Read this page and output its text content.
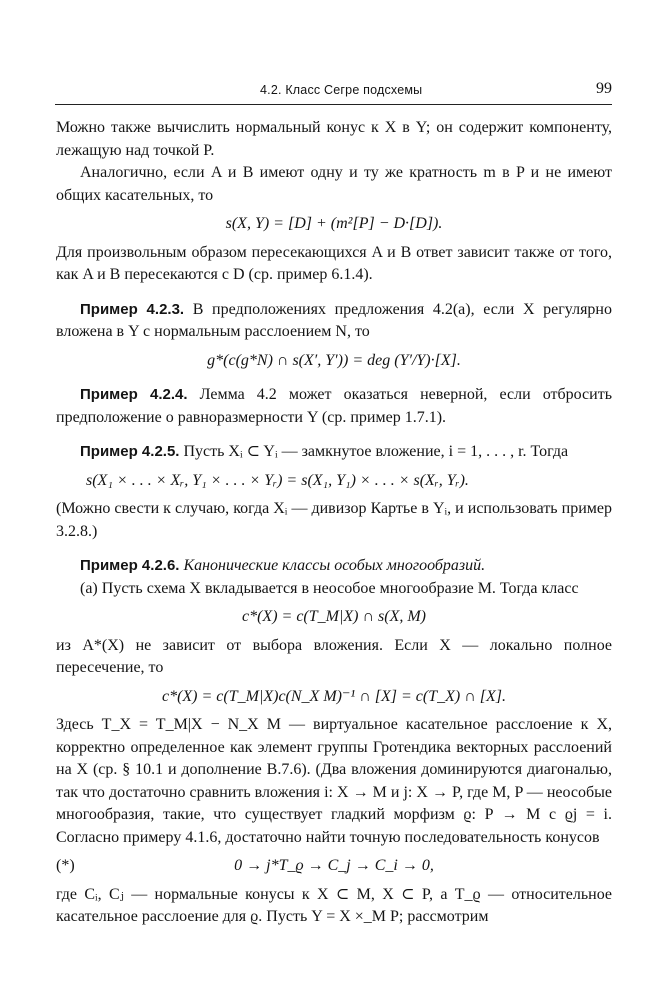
4.2. Класс Сегре подсхемы	99

Можно также вычислить нормальный конус к X в Y; он содержит компоненту, лежащую над точкой P.

Аналогично, если A и B имеют одну и ту же кратность m в P и не имеют общих касательных, то

s(X, Y) = [D] + (m²[P] − D·[D]).

Для произвольным образом пересекающихся A и B ответ зависит также от того, как A и B пересекаются с D (ср. пример 6.1.4).

Пример 4.2.3. В предположениях предложения 4.2(a), если X регулярно вложена в Y с нормальным расслоением N, то

g*(c(g*N) ∩ s(X′, Y′)) = deg (Y′/Y)·[X].

Пример 4.2.4. Лемма 4.2 может оказаться неверной, если отбросить предположение о равноразмерности Y (ср. пример 1.7.1).

Пример 4.2.5. Пусть Xᵢ ⊂ Yᵢ — замкнутое вложение, i = 1, . . . , r. Тогда

s(X₁ × . . . × Xᵣ, Y₁ × . . . × Yᵣ) = s(X₁, Y₁) × . . . × s(Xᵣ, Yᵣ).

(Можно свести к случаю, когда Xᵢ — дивизор Картье в Yᵢ, и использовать пример 3.2.8.)

Пример 4.2.6. Канонические классы особых многообразий.

(a) Пусть схема X вкладывается в неособое многообразие M. Тогда класс

c*(X) = c(T_M|X) ∩ s(X, M)

из A*(X) не зависит от выбора вложения. Если X — локально полное пересечение, то

c*(X) = c(T_M|X)c(N_X M)⁻¹ ∩ [X] = c(T_X) ∩ [X].

Здесь T_X = T_M|X − N_X M — виртуальное касательное расслоение к X, корректно определенное как элемент группы Гротендика векторных расслоений на X (ср. § 10.1 и дополнение B.7.6). (Два вложения доминируются диагональю, так что достаточно сравнить вложения i: X → M и j: X → P, где M, P — неособые многообразия, такие, что существует гладкий морфизм ϱ: P → M с ϱj = i. Согласно примеру 4.1.6, достаточно найти точную последовательность конусов

(*)	0 → j*T_ϱ → C_j → C_i → 0,

где Cᵢ, Cⱼ — нормальные конусы к X ⊂ M, X ⊂ P, а T_ϱ — относительное касательное расслоение для ϱ. Пусть Y = X ×_M P; рассмотрим
